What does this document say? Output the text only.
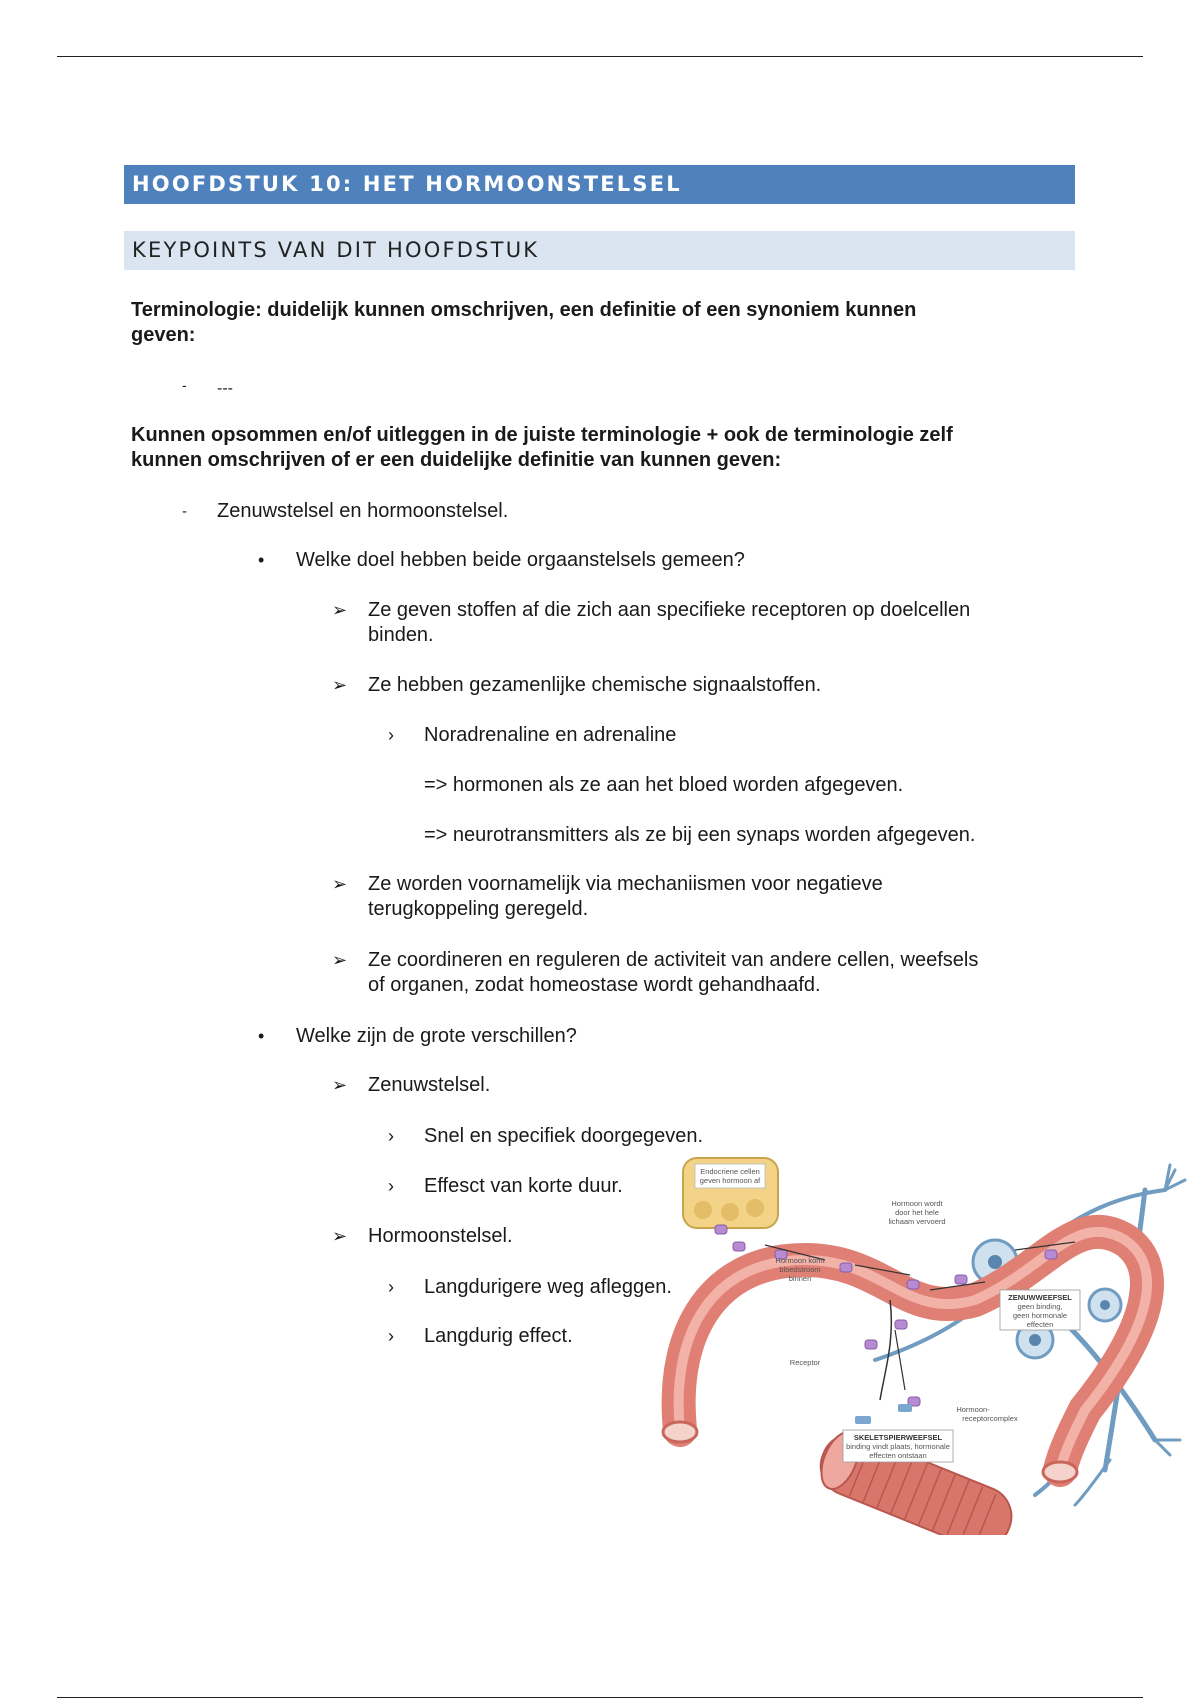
HOOFDSTUK 10: HET HORMOONSTELSEL
KEYPOINTS VAN DIT HOOFDSTUK
Terminologie: duidelijk kunnen omschrijven, een definitie of een synoniem kunnen
geven:
- ---
Kunnen opsommen en/of uitleggen in de juiste terminologie + ook de terminologie zelf
kunnen omschrijven of er een duidelijke definitie van kunnen geven:
- Zenuwstelsel en hormoonstelsel.
• Welke doel hebben beide orgaanstelsels gemeen?
➢ Ze geven stoffen af die zich aan specifieke receptoren op doelcellen
binden.
➢ Ze hebben gezamenlijke chemische signaalstoffen.
› Noradrenaline en adrenaline
=> hormonen als ze aan het bloed worden afgegeven.
=> neurotransmitters als ze bij een synaps worden afgegeven.
➢ Ze worden voornamelijk via mechaniismen voor negatieve
terugkoppeling geregeld.
➢ Ze coordineren en reguleren de activiteit van andere cellen, weefsels
of organen, zodat homeostase wordt gehandhaafd.
• Welke zijn de grote verschillen?
➢ Zenuwstelsel.
› Snel en specifiek doorgegeven.
› Effesct van korte duur.
➢ Hormoonstelsel.
› Langdurigere weg afleggen.
› Langdurig effect.
Endocriene cellen
geven hormoon af
Hormoon wordt
door het hele
lichaam vervoerd
Hormoon komt
bloedstroom
binnen
ZENUWWEEFSEL
geen binding,
geen hormonale
effecten
Receptor
Hormoon-
receptorcomplex
SKELETSPIERWEEFSEL
binding vindt plaats, hormonale
effecten ontstaan
